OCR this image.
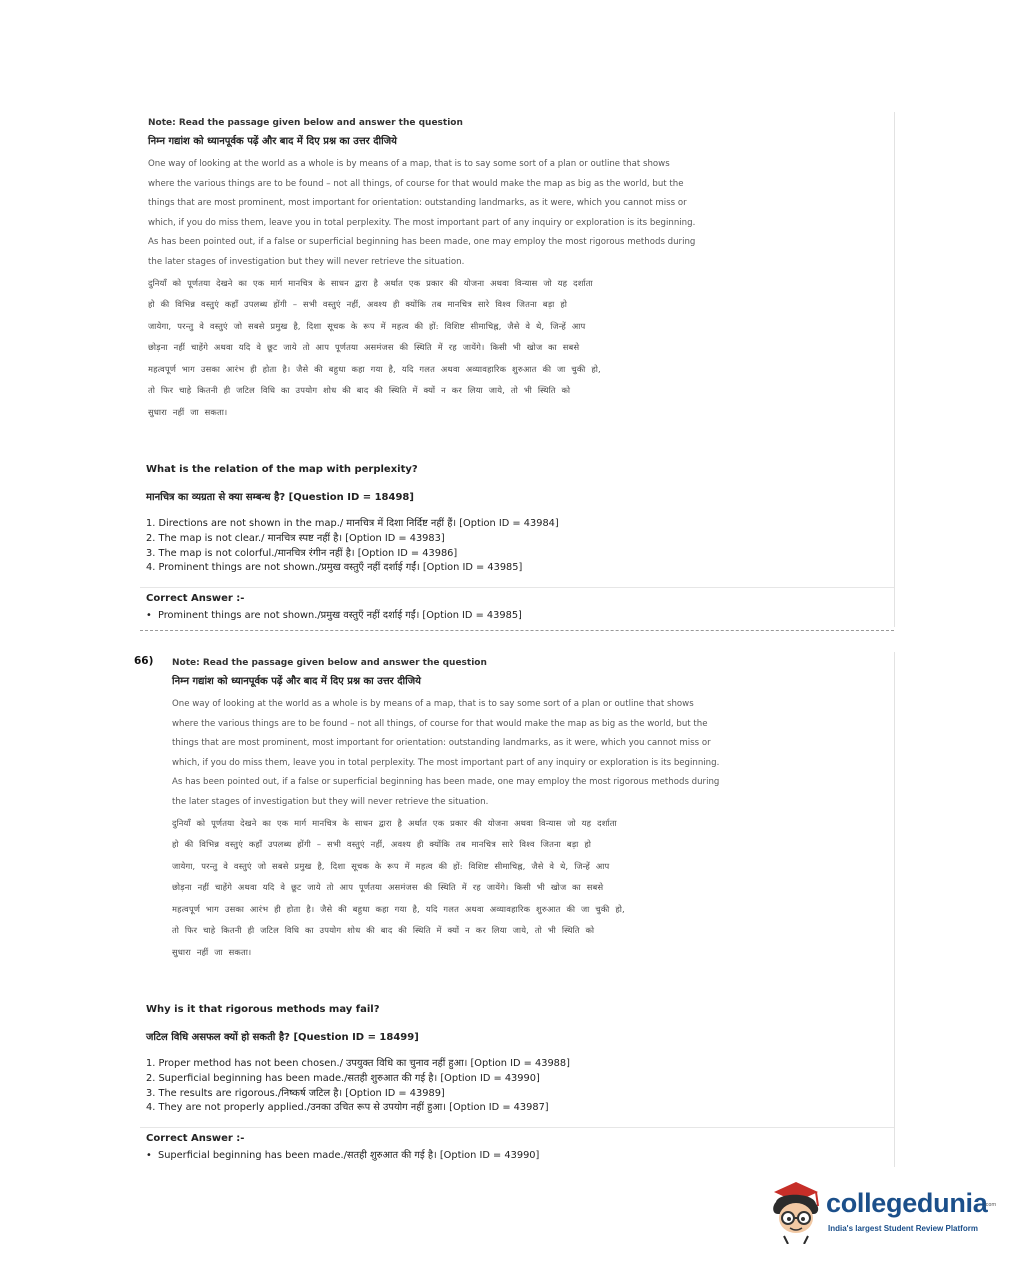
Note: Read the passage given below and answer the question

निम्न गद्यांश को ध्यानपूर्वक पढ़ें और बाद में दिए प्रश्न का उत्तर दीजिये

One way of looking at the world as a whole is by means of a map, that is to say some sort of a plan or outline that shows

where the various things are to be found – not all things, of course for that would make the map as big as the world, but the

things that are most prominent, most important for orientation: outstanding landmarks, as it were, which you cannot miss or

which, if you do miss them, leave you in total perplexity. The most important part of any inquiry or exploration is its beginning.

As has been pointed out, if a false or superficial beginning has been made, one may employ the most rigorous methods during

the later stages of investigation but they will never retrieve the situation.

दुनियाँ को पूर्णतया देखने का एक मार्ग मानचित्र के साधन द्वारा है अर्थात एक प्रकार की योजना अथवा विन्यास जो यह दर्शाता

हो की विभिन्न वस्तुएं कहाँ उपलब्ध होंगी – सभी वस्तुएं नहीं, अवश्य ही क्योंकि तब मानचित्र सारे विश्व जितना बड़ा हो

जायेगा, परन्तु वे वस्तुएं जो सबसे प्रमुख है, दिशा सूचक के रूप में महत्व की हों: विशिष्ट सीमाचिह्न, जैसे वे थे, जिन्हें आप

छोड़ना नहीं चाहेंगे अथवा यदि वे छूट जाये तो आप पूर्णतया असमंजस की स्थिति में रह जायेंगे। किसी भी खोज का सबसे

महत्वपूर्ण भाग उसका आरंभ ही होता है। जैसे की बहुधा कहा गया है, यदि गलत अथवा अव्यावहारिक शुरुआत की जा चुकी हो,

तो फिर चाहे कितनी ही जटिल विधि का उपयोग शोध की बाद की स्थिति में क्यों न कर लिया जाये, तो भी स्थिति को

सुधारा नहीं जा सकता।

What is the relation of the map with perplexity?

मानचित्र का व्यग्रता से क्या सम्बन्ध है? [Question ID = 18498]

1. Directions are not shown in the map./ मानचित्र में दिशा निर्दिष्ट नहीं हैं। [Option ID = 43984]
2. The map is not clear./ मानचित्र स्पष्ट नहीं है। [Option ID = 43983]
3. The map is not colorful./मानचित्र रंगीन नहीं है। [Option ID = 43986]
4. Prominent things are not shown./प्रमुख वस्तुएँ नहीं दर्शाई गईं। [Option ID = 43985]

Correct Answer :-

• Prominent things are not shown./प्रमुख वस्तुएँ नहीं दर्शाई गईं। [Option ID = 43985]

66) Note: Read the passage given below and answer the question

निम्न गद्यांश को ध्यानपूर्वक पढ़ें और बाद में दिए प्रश्न का उत्तर दीजिये

One way of looking at the world as a whole is by means of a map, that is to say some sort of a plan or outline that shows

where the various things are to be found – not all things, of course for that would make the map as big as the world, but the

things that are most prominent, most important for orientation: outstanding landmarks, as it were, which you cannot miss or

which, if you do miss them, leave you in total perplexity. The most important part of any inquiry or exploration is its beginning.

As has been pointed out, if a false or superficial beginning has been made, one may employ the most rigorous methods during

the later stages of investigation but they will never retrieve the situation.

दुनियाँ को पूर्णतया देखने का एक मार्ग मानचित्र के साधन द्वारा है अर्थात एक प्रकार की योजना अथवा विन्यास जो यह दर्शाता

हो की विभिन्न वस्तुएं कहाँ उपलब्ध होंगी – सभी वस्तुएं नहीं, अवश्य ही क्योंकि तब मानचित्र सारे विश्व जितना बड़ा हो

जायेगा, परन्तु वे वस्तुएं जो सबसे प्रमुख है, दिशा सूचक के रूप में महत्व की हों: विशिष्ट सीमाचिह्न, जैसे वे थे, जिन्हें आप

छोड़ना नहीं चाहेंगे अथवा यदि वे छूट जाये तो आप पूर्णतया असमंजस की स्थिति में रह जायेंगे। किसी भी खोज का सबसे

महत्वपूर्ण भाग उसका आरंभ ही होता है। जैसे की बहुधा कहा गया है, यदि गलत अथवा अव्यावहारिक शुरुआत की जा चुकी हो,

तो फिर चाहे कितनी ही जटिल विधि का उपयोग शोध की बाद की स्थिति में क्यों न कर लिया जाये, तो भी स्थिति को

सुधारा नहीं जा सकता।

Why is it that rigorous methods may fail?

जटिल विधि असफल क्यों हो सकती है? [Question ID = 18499]

1. Proper method has not been chosen./ उपयुक्त विधि का चुनाव नहीं हुआ। [Option ID = 43988]
2. Superficial beginning has been made./सतही शुरुआत की गई है। [Option ID = 43990]
3. The results are rigorous./निष्कर्ष जटिल है। [Option ID = 43989]
4. They are not properly applied./उनका उचित रूप से उपयोग नहीं हुआ। [Option ID = 43987]

Correct Answer :-

• Superficial beginning has been made./सतही शुरुआत की गई है। [Option ID = 43990]

collegedunia
.com
India's largest Student Review Platform
